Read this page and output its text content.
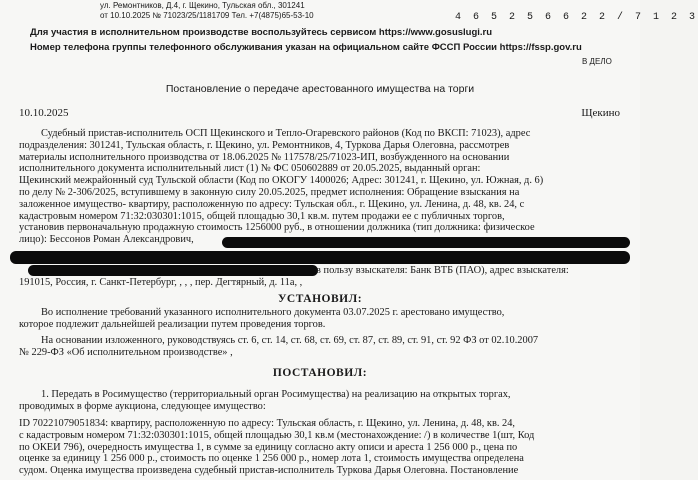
ул. Ремонтников, Д.4, г. Щекино, Тульская обл., 301241
от 10.10.2025 № 71023/25/1181709 Тел. +7(4875)65-53-10	4 6 5 2 5 6 6 2 2 / 7 1 2 3
Для участия в исполнительном производстве воспользуйтесь сервисом https://www.gosuslugi.ru
Номер телефона группы телефонного обслуживания указан на официальном сайте ФССП России https://fssp.gov.ru
В ДЕЛО
Постановление о передаче арестованного имущества на торги
10.10.2025	Щекино
Судебный пристав-исполнитель ОСП Щекинского и Тепло-Огаревского районов (Код по ВКСП: 71023), адрес
подразделения: 301241, Тульская область, г. Щекино, ул. Ремонтников, 4, Туркова Дарья Олеговна, рассмотрев
материалы исполнительного производства от 18.06.2025 № 117578/25/71023-ИП, возбужденного на основании
исполнительного документа исполнительный лист (1) № ФС 050602889 от 20.05.2025, выданный орган:
Щекинский межрайонный суд Тульской области (Код по ОКОГУ 1400026; Адрес: 301241, г. Щекино, ул. Южная, д. 6)
по делу № 2-306/2025, вступившему в законную силу 20.05.2025, предмет исполнения: Обращение взыскания на
заложенное имущество- квартиру, расположенную по адресу: Тульская обл., г. Щекино, ул. Ленина, д. 48, кв. 24, с
кадастровым номером 71:32:030301:1015, общей площадью 30,1 кв.м. путем продажи ее с публичных торгов,
установив первоначальную продажную стоимость 1256000 руб., в отношении должника (тип должника: физическое
лицо): Бессонов Роман Александрович,
в пользу взыскателя: Банк ВТБ (ПАО), адрес взыскателя:
191015, Россия, г. Санкт-Петербург, , , , пер. Дегтярный, д. 11а, ,
УСТАНОВИЛ:
Во исполнение требований указанного исполнительного документа 03.07.2025 г. арестовано имущество,
которое подлежит дальнейшей реализации путем проведения торгов.
На основании изложенного, руководствуясь ст. 6, ст. 14, ст. 68, ст. 69, ст. 87, ст. 89, ст. 91, ст. 92 ФЗ от 02.10.2007
№ 229-ФЗ «Об исполнительном производстве» ,
ПОСТАНОВИЛ:
1. Передать в Росимущество (территориальный орган Росимущества) на реализацию на открытых торгах,
проводимых в форме аукциона, следующее имущество:
ID 70221079051834: квартиру, расположенную по адресу: Тульская область, г. Щекино, ул. Ленина, д. 48, кв. 24,
с кадастровым номером 71:32:030301:1015, общей площадью 30,1 кв.м (местонахождение: /) в количестве 1(шт, Код
по ОКЕИ 796), очередность имущества 1, в сумме за единицу согласно акту описи и ареста 1 256 000 р., цена по
оценке за единицу 1 256 000 р., стоимость по оценке 1 256 000 р., номер лота 1, стоимость имущества определена
судом. Оценка имущества произведена судебный пристав-исполнитель Туркова Дарья Олеговна. Постановление
